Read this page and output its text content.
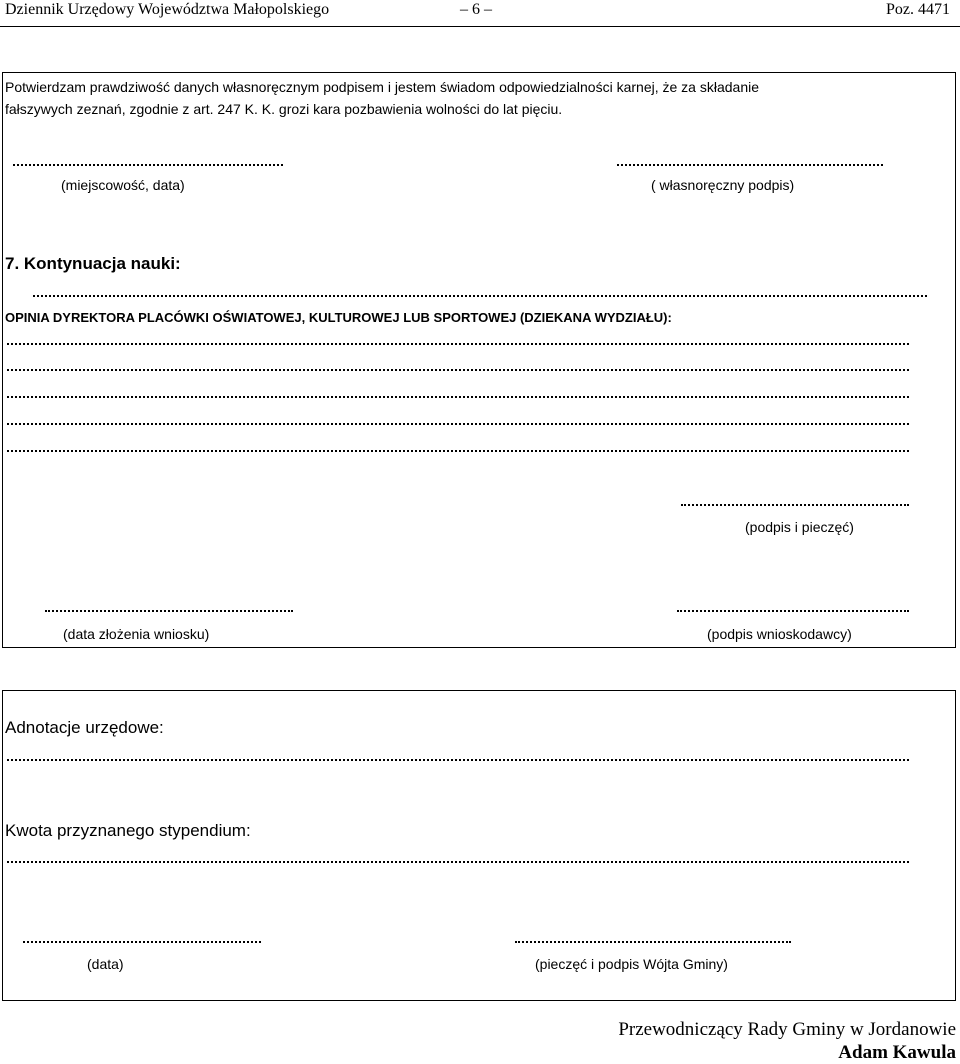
Dziennik Urzędowy Województwa Małopolskiego	– 6 –	Poz. 4471
Potwierdzam prawdziwość danych własnoręcznym podpisem i jestem świadom odpowiedzialności karnej, że za składanie
fałszywych zeznań, zgodnie z art. 247 K. K. grozi kara pozbawienia wolności do lat pięciu.
(miejscowość, data)	( własnoręczny podpis)
7. Kontynuacja nauki:
OPINIA DYREKTORA PLACÓWKI OŚWIATOWEJ, KULTUROWEJ LUB SPORTOWEJ (DZIEKANA WYDZIAŁU):
(podpis i pieczęć)
(data złożenia wniosku)	(podpis wnioskodawcy)
Adnotacje urzędowe:
Kwota przyznanego stypendium:
(data)	(pieczęć i podpis Wójta Gminy)
Przewodniczący Rady Gminy w Jordanowie
Adam Kawula
